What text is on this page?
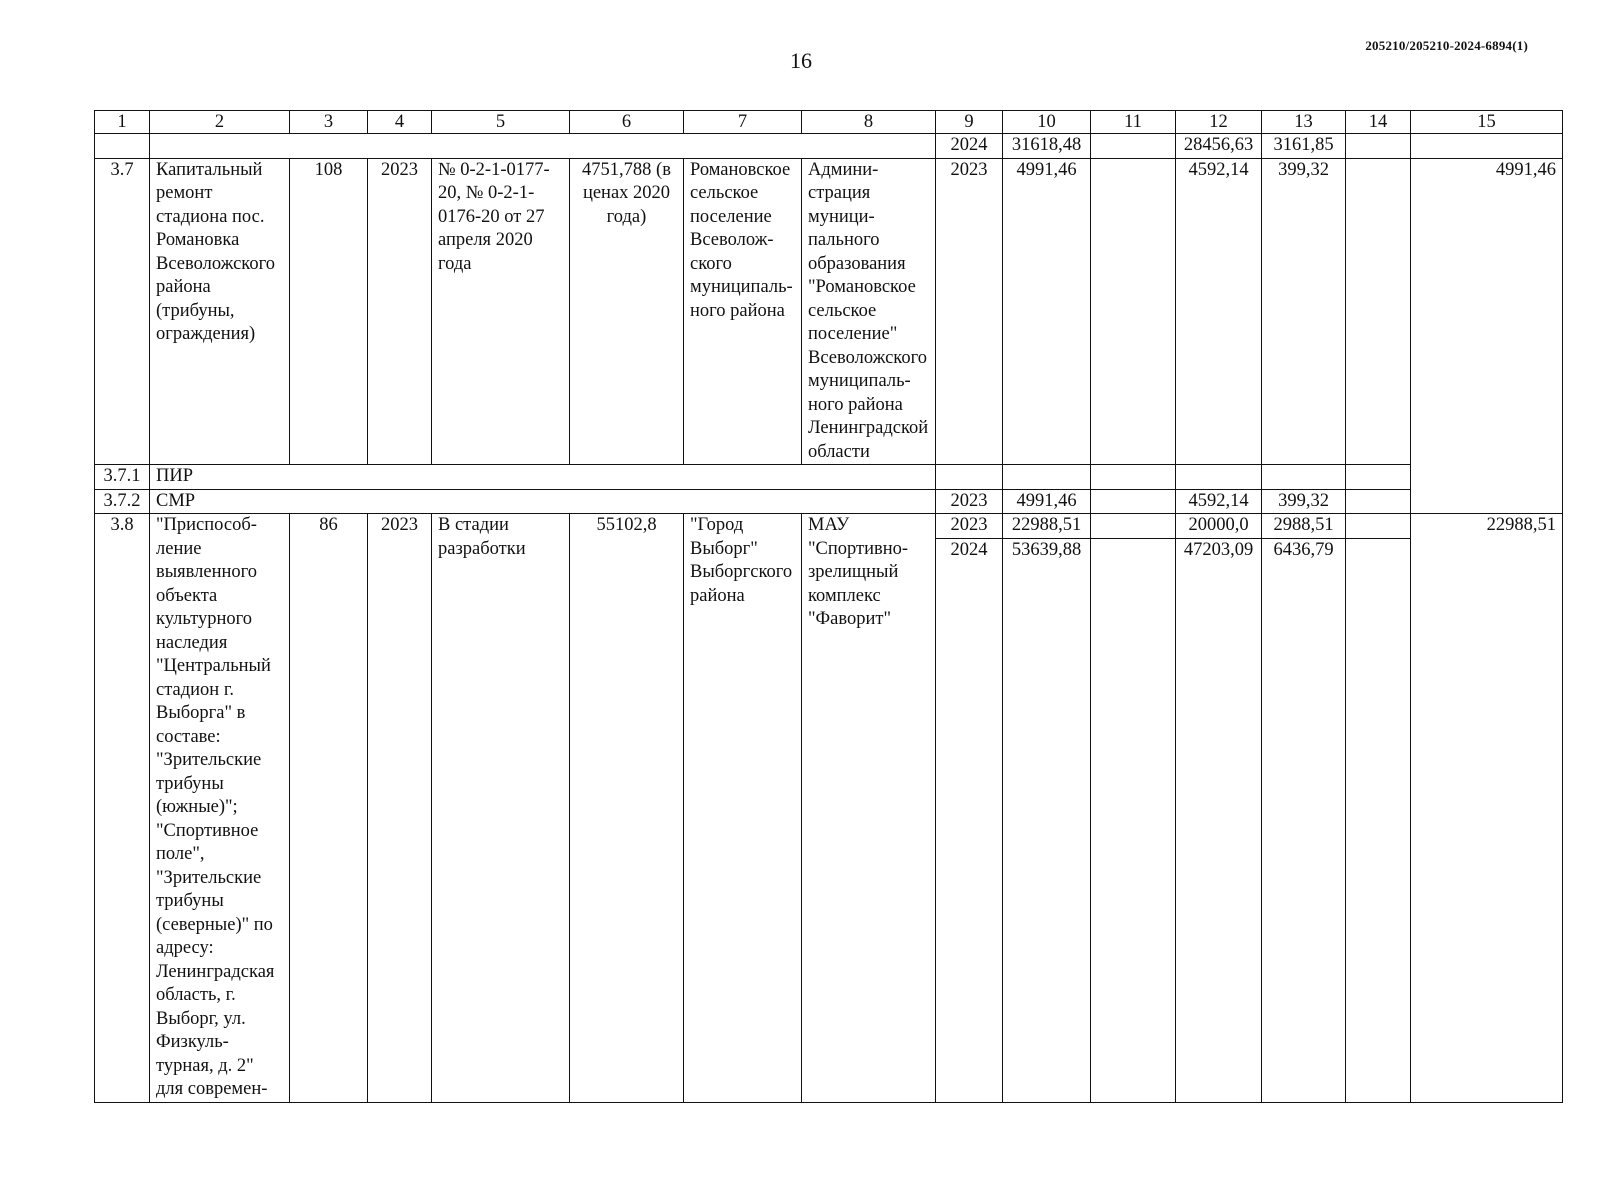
16
205210/205210-2024-6894(1)
1	2	3	4	5	6	7	8	9	10	11	12	13	14	15
								2024	31618,48		28456,63	3161,85		
3.7	Капитальный ремонт стадиона пос. Романовка Всеволожского района (трибуны, ограждения)	108	2023	№ 0-2-1-0177-20, № 0-2-1-0176-20 от 27 апреля 2020 года	4751,788 (в ценах 2020 года)	Романовское сельское поселение Всеволож-ского муниципаль-ного района	Админи-страция муници-пального образования "Романовское сельское поселение" Всеволожского муниципаль-ного района Ленинградской области	2023	4991,46		4592,14	399,32		4991,46
3.7.1	ПИР													
3.7.2	СМР							2023	4991,46		4592,14	399,32		
3.8	"Приспособ-ление выявленного объекта культурного наследия "Центральный стадион г. Выборга" в составе: "Зрительские трибуны (южные)"; "Спортивное поле", "Зрительские трибуны (северные)" по адресу: Ленинградская область, г. Выборг, ул. Физкуль-турная, д. 2" для современ-	86	2023	В стадии разработки	55102,8	"Город Выборг" Выборгского района	МАУ "Спортивно-зрелищный комплекс "Фаворит"	2023	22988,51		20000,0	2988,51		22988,51
								2024	53639,88		47203,09	6436,79		
